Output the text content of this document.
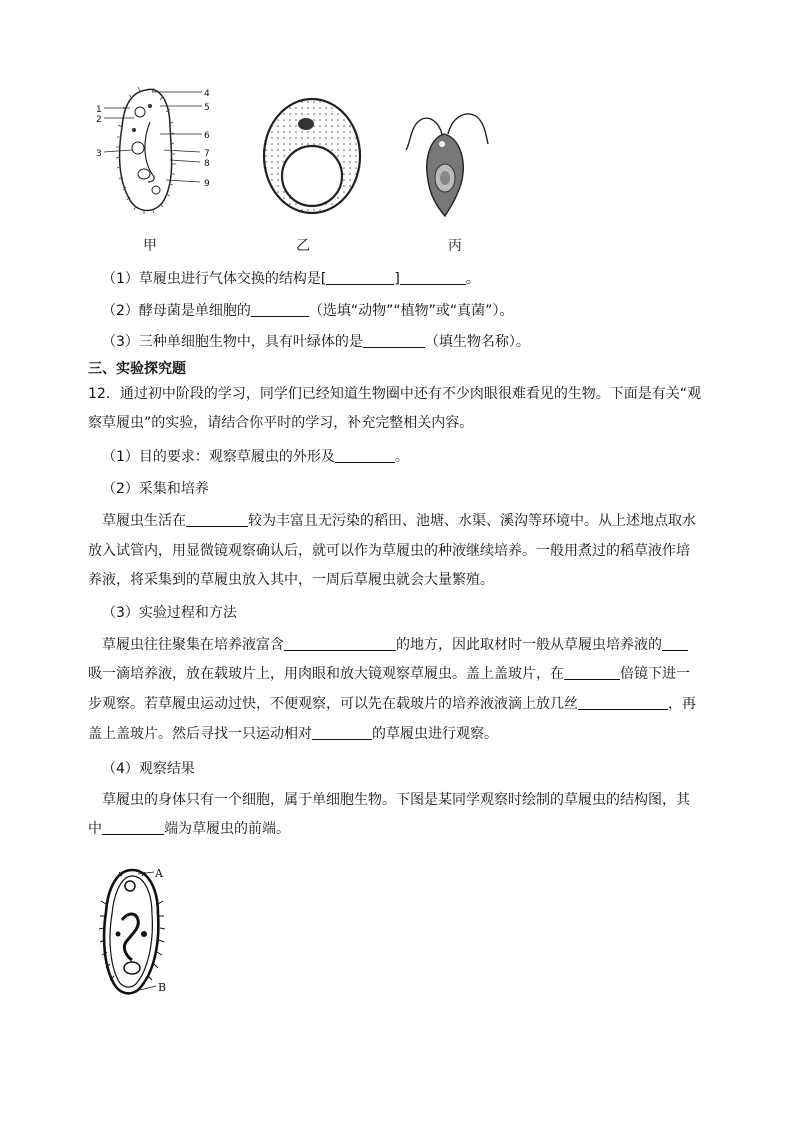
1
2
3
4
5
6
7
8
9
甲	乙	丙
（1）草履虫进行气体交换的结构是[	]	。
（2）酵母菌是单细胞的	（选填“动物”“植物”或“真菌”）。
（3）三种单细胞生物中，具有叶绿体的是	（填生物名称）。
三、实验探究题
12．通过初中阶段的学习，同学们已经知道生物圈中还有不少肉眼很难看见的生物。下面是有关“观
察草履虫”的实验，请结合你平时的学习，补充完整相关内容。
（1）目的要求：观察草履虫的外形及	。
（2）采集和培养
草履虫生活在	较为丰富且无污染的稻田、池塘、水渠、溪沟等环境中。从上述地点取水
放入试管内，用显微镜观察确认后，就可以作为草履虫的种液继续培养。一般用煮过的稻草液作培
养液，将采集到的草履虫放入其中，一周后草履虫就会大量繁殖。
（3）实验过程和方法
草履虫往往聚集在培养液富含	的地方，因此取材时一般从草履虫培养液的
吸一滴培养液，放在载玻片上，用肉眼和放大镜观察草履虫。盖上盖玻片，在	倍镜下进一
步观察。若草履虫运动过快，不便观察，可以先在载玻片的培养液液滴上放几丝	，再
盖上盖玻片。然后寻找一只运动相对	的草履虫进行观察。
（4）观察结果
草履虫的身体只有一个细胞，属于单细胞生物。下图是某同学观察时绘制的草履虫的结构图，其
中	端为草履虫的前端。
A
B
